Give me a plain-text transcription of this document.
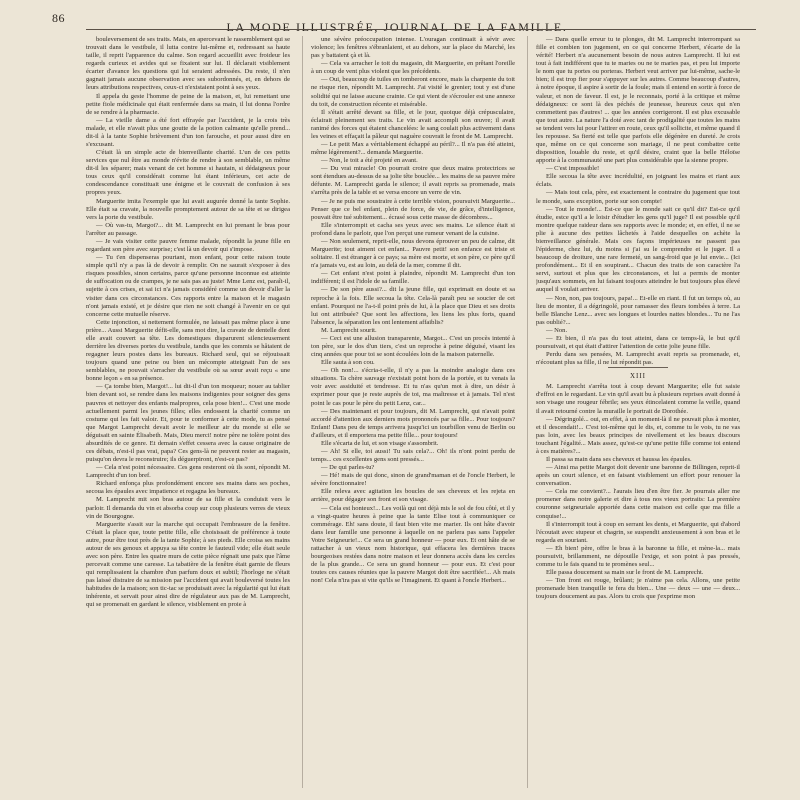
LA MODE ILLUSTRÉE, JOURNAL DE LA FAMILLE.
86

bouleversement de ses traits. Mais, en apercevant le rassemblement qui se trouvait dans le vestibule, il lutta contre lui-même et, redressant sa haute taille, il reprit l'apparence du calme. Son regard accueillit avec froideur les regards curieux et avides qui se fixaient sur lui. Il déclarait visiblement écarter d'avance les questions qui lui seraient adressées. Du reste, il n'en gagnait jamais aucune observation avec ses subordonnés, et, en dehors de leurs attributions respectives, ceux-ci n'existaient point à ses yeux.

Il appela du geste l'homme de peine de la maison, et, lui remettant une petite fiole médicinale qui était renfermée dans sa main, il lui donna l'ordre de se rendre à la pharmacie.

— La vieille dame a été fort effrayée par l'accident, je la crois très malade, et elle n'avait plus une goutte de la potion calmante qu'elle prend... dit-il à la tante Sophie brièvement d'un ton farouche, et pour aussi dire en s'excusant.

C'était là un simple acte de bienveillante charité. L'un de ces petits services que nul être au monde n'évite de rendre à son semblable, un même dit-il les séparer; mais venant de cet homme si hautain, si dédaigneux pour tous ceux qu'il considérait comme lui étant inférieurs, cet acte de condescendance constituait une énigme et le couvrait de confusion à ses propres yeux.

Marguerite imita l'exemple que lui avait augurée donné la tante Sophie. Elle était sa cravate, la nouvelle promptement autour de sa tête et se dirigea vers la porte du vestibule.

— Où vas-tu, Margot?... dit M. Lamprecht en lui prenant le bras pour l'arrêter au passage.

— Je vais visiter cette pauvre femme malade, répondit la jeune fille en regardant son père avec surprise; c'est là un devoir qui s'impose.

— Tu t'en dispenseras pourtant, mon enfant, pour cette raison toute simple qu'il n'y a pas là de devoir à remplir. On ne saurait s'exposer à des risques possibles, sinon certains, parce qu'une personne inconnue est atteinte de suffocation ou de crampes, je ne sais pas au juste! Mme Lenz est, paraît-il, sujette à ces crises, et sai ici n'a jamais considéré comme un devoir d'aller la visiter dans ces circonstances. Ces rapports entre la maison et le magasin n'ont jamais existé, et je désire que rien ne soit changé à l'avenir en ce qui concerne cette mutuelle réserve.

Cette injonction, si nettement formulée, ne laissait pas même place à une prière... Aussi Marguerite défit-elle, sans mot dire, la cravate de dentelle dont elle avait couvert sa tête. Les domestiques disparurent silencieusement derrière les diverses portes du vestibule, tandis que les commis se hâtaient de regagner leurs postes dans les bureaux. Richard seul, qui se réjouissait toujours quand une peine ou bien un mécompte atteignait l'un de ses semblables, ne pouvait s'arracher du vestibule où sa sœur avait reçu « une bonne leçon » en sa présence.

— Ça tombe bien, Margot!... lui dit-il d'un ton moqueur; nouer au tablier bien devant soi, se rendre dans les maisons indigentes pour soigner des gens pauvres et nettoyer des enfants malpropres, cela pose bien!... C'est une mode actuellement parmi les jeunes filles; elles endossent la charité comme un costume qui les fait valoir. Et, pour te conformer à cette mode, tu as pensé que Margot Lamprecht devait avoir le meilleur air du monde si elle se déguisait en sainte Élisabeth. Mais, Dieu merci! notre père ne tolère point des absurdités de ce genre. Et demain s'effet cessera avec la cause originaire de ces débats, n'est-il pas vrai, papa? Ces gens-là ne peuvent rester au magasin, puisqu'on devra le reconstruire; ils déguerpiront, n'est-ce pas?

— Cela n'est point nécessaire. Ces gens resteront où ils sont, répondit M. Lamprecht d'un ton bref.

Richard enfonça plus profondément encore ses mains dans ses poches, secoua les épaules avec impatience et regagna les bureaux.

M. Lamprecht mit son bras autour de sa fille et la conduisit vers le parloir. Il demanda du vin et absorba coup sur coup plusieurs verres de vieux vin de Bourgogne.

Marguerite s'assit sur la marche qui occupait l'embrasure de la fenêtre. C'était la place que, toute petite fille, elle choisissait de préférence à toute autre, pour être tout près de la tante Sophie; à ses pieds. Elle croisa ses mains autour de ses genoux et appuya sa tête contre le fauteuil vide; elle était seule avec son père. Entre les quatre murs de cette pièce régnait une paix que l'âme percevait comme une caresse. La tabatière de la fenêtre était garnie de fleurs qui remplissaient la chambre d'un parfum doux et subtil; l'horloge ne s'était pas laissé distraire de sa mission par l'accident qui avait bouleversé toutes les habitudes de la maison; son tic-tac se produisait avec la régularité qui lui était inhérente, et servait pour ainsi dire de régulateur aux pas de M. Lamprecht, qui se promenait en gardant le silence, visiblement en proie à

une sévère préoccupation intense. L'ouragan continuait à sévir avec violence; les fenêtres s'ébranlaient, et au dehors, sur la place du Marché, les pas y battaient çà et là.

— Cela va arracher le toit du magasin, dit Marguerite, en prêtant l'oreille à un coup de vent plus violent que les précédents.

— Oui, beaucoup de tuiles en tomberont encore, mais la charpente du toit ne risque rien, répondit M. Lamprecht. J'ai visité le grenier; tout y est d'une solidité qui ne laisse aucune crainte. Ce qui vient de s'écrouler est une annexe du toit, de construction récente et misérable.

Il s'était arrêté devant sa fille, et le jour, quoique déjà crépusculaire, éclairait pleinement ses traits. Le vin avait accompli son œuvre; il avait ranimé des forces qui étaient chancelées: le sang coulait plus activement dans les veines et effaçait la pâleur qui naguère couvrait le front de M. Lamprecht.

— Le petit Max a véritablement échappé au péril?... Il n'a pas été atteint, même légèrement?... demanda Marguerite.

— Non, le toit a été projeté en avant.

— Du vrai miracle! On pourrait croire que deux mains protectrices se sont étendues au-dessus de sa jolie tête bouclée... les mains de sa pauvre mère défunte. M. Lamprecht garda le silence; il avait repris sa promenade, mais s'arrêta près de la table et se versa encore un verre de vin.

— Je ne puis me soustraire à cette terrible vision, poursuivit Marguerite... Penser que ce bel enfant, plein de force, de vie, de grâce, d'intelligence, pouvait être tué subitement... écrasé sous cette masse de décombres...

Elle s'interrompit et cacha ses yeux avec ses mains. Le silence était si profond dans le parloir, que l'on perçut une rumeur venant de la cuisine.

— Non seulement, reprit-elle, nous devons éprouver un peu de calme, dit Marguerite; tout aiment cet enfant... Pauvre petit! son enfance est triste et solitaire. Il est étranger à ce pays; sa mère est morte, et son père, ce père qu'il n'a jamais vu, est au loin, au delà de la mer, comme il dit.

— Cet enfant n'est point à plaindre, répondit M. Lamprecht d'un ton indifférent; il est l'idole de sa famille.

— De son père aussi?... dit la jeune fille, qui exprimait en doute et sa reproche à la fois. Elle secoua la tête. Cela-là paraît peu se soucier de cet enfant. Pourquoi ne l'a-t-il point près de lui, à la place que Dieu et ses droits lui ont attribuée? Que sont les affections, les liens les plus forts, quand l'absence, la séparation les ont lentement affaiblis?

M. Lamprecht sourit.

— Ceci est une allusion transparente, Margot... C'est un procès intenté à ton père, sur le dos d'un tiers, c'est un reproche à peine déguisé, visant les cinq années que pour toi se sont écoulées loin de la maison paternelle.

Elle sauta à son cou.

— Oh non!... s'écria-t-elle, il n'y a pas la moindre analogie dans ces situations. Ta chère sauvage n'existait point hors de la portée, et tu venais la voir avec assiduité et tendresse. Et tu n'as qu'un mot à dire, un désir à exprimer pour que je reste auprès de toi, ma maîtresse et à jamais. Tel n'est point le cas pour le père du petit Lenz, car...

— Des maintenant et pour toujours, dit M. Lamprecht, qui n'avait point accordé d'attention aux derniers mots prononcés par sa fille... Pour toujours? Enfant! Dans peu de temps arrivera jusqu'ici un tourbillon venu de Berlin ou d'ailleurs, et il emportera ma petite fille... pour toujours!

Elle s'écarta de lui, et son visage s'assombrit.

— Ah! Si elle, toi aussi! Tu sais cela?... Oh! ils n'ont point perdu de temps... ces excellentes gens sont pressés...

— De qui parles-tu?

— Hé! mais de qui donc, sinon de grand'maman et de l'oncle Herbert, le sévère fonctionnaire!

Elle releva avec agitation les boucles de ses cheveux et les rejeta en arrière, pour dégager son front et son visage.

— Cela est honteux!... Les voilà qui ont déjà mis le sol de fou côté, et il y a vingt-quatre heures à peine que la tante Elise tout à communiquer ce commérage. Eh! sans doute, il faut bien vite me marier. Ils ont hâte d'avoir dans leur famille une personne à laquelle on ne parlera pas sans l'appeler Votre Seigneurie!... Ce sera un grand honneur — pour eux. Et ont hâte de se rattacher à un vieux nom historique, qui effacera les dernières traces bourgeoises restées dans notre maison et leur donnera accès dans les cercles de la plus grande... Ce sera un grand honneur — pour eux. Et c'est pour toutes ces causes réunies que la pauvre Margot doit être sacrifiée!... Ah mais non! Cela n'ira pas si vite qu'ils se l'imaginent. Et quant à l'oncle Herbert...

— Dans quelle erreur tu te plonges, dit M. Lamprecht interrompant sa fille et combien ton jugement, en ce qui concerne Herbert, s'écarte de la vérité! Herbert n'a aucunement besoin de nous autres Lamprecht. Il lui est tout à fait indifférent que tu te maries ou ne te maries pas, et peu lui importe le nom que tu portes ou porteras. Herbert veut arriver par lui-même, sache-le bien; il est trop fier pour s'appuyer sur les autres. Comme beaucoup d'autres, à notre époque, il aspire à sortir de la foule; mais il entend en sortir à force de valeur, et non de faveur. Il est, je le reconnais, porté à la critique et même dédaigneux: ce sont là des péchés de jeunesse, heureux ceux qui n'en commettent pas d'autres! ... que les années corrigeront. Il est plus excusable que tout autre. La nature l'a doté avec tant de prodigalité que toutes les mains se tendent vers lui pour l'attirer en route, ceux qu'il sollicite, et même quand il les repousse. Sa fierté est telle que parfois elle dégénère en dureté. Je crois que, même on ce qui concerne son mariage, il ne peut combattre cette disposition, louable du reste, et qu'il désire, craint que la belle Héloïse apporte à la communauté une part plus considérable que la sienne propre.

— C'est impossible!

Elle secoua la tête avec incrédulité, en joignant les mains et riant aux éclats.

— Mais tout cela, père, est exactement le contraire du jugement que tout le monde, sans exception, porte sur son compte!

— Tout le monde!... Est-ce que le monde sait ce qu'il dit? Est-ce qu'il étudie, estce qu'il a le loisir d'étudier les gens qu'il juge? Il est possible qu'il montre quelque raideur dans ses rapports avec le monde; et, en effet, il ne se plie à aucune des petites lâchetés à l'aide desquelles on achète la bienveillance générale. Mais ces façons impérieuses ne passent pas l'épiderme, chez lui, du moins si j'ai su le comprendre et le juger. Il a beaucoup de droiture, une rare fermeté, un sang-froid que je lui envie... (Ici profondément... Et il en soupirant... Chacun des traits de son caractère l'a servi, surtout et plus que les circonstances, et lui a permis de monter jusqu'aux sommets, en lui faisant toujours atteindre le but toujours plus élevé auquel il voulait arriver.

— Non, non, pas toujours, papa!... Et-elle en riant. Il fut un temps où, au lieu de monter, il a dégringolé, pour ramasser des fleurs tombées à terre. La belle Blanche Lenz... avec ses longues et lourdes nattes blondes... Tu ne l'as pas oublié?...

— Non.

— Et bien, il n'a pas du tout atteint, dans ce temps-là, le but qu'il poursuivait, et qui était d'attirer l'attention de cette jolie jeune fille.

Perdu dans ses pensées, M. Lamprecht avait repris sa promenade, et, n'écoutant plus sa fille, il ne lui répondit pas.

XIII

M. Lamprecht s'arrêta tout à coup devant Marguerite; elle fut saisie d'effroi en le regardant. Le vin qu'il avait bu à plusieurs reprises avait donné à son visage une rougeur fébrile; ses yeux étincelaient comme la veille, quand il avait retourné contre la muraille le portrait de Dorothée.

— Dégringolé... oui, en effet, à un moment-là il ne pouvait plus à monter, et il descendait!... C'est toi-même qui le dis, et, comme tu le vois, tu ne vas pas loin, avec les beaux principes de nivellement et les beaux discours touchant l'égalité... Mais assez, qu'est-ce qu'une petite fille comme toi entend à ces matières?...

Il passa sa main dans ses cheveux et haussa les épaules.

— Ainsi ma petite Margot doit devenir une baronne de Billingen, reprit-il après un court silence, et en faisant visiblement un effort pour renouer la conversation.

— Cela me convient?... l'aurais lieu d'en être fier. Je pourrais aller me promener dans notre galerie et dire à tous nos vieux portraits: La première couronne seigneuriale apportée dans cette maison est celle que ma fille a conquise!...

Il s'interrompit tout à coup en serrant les dents, et Marguerite, qui d'abord l'écoutait avec stupeur et chagrin, se suspendit anxieusement à son bras et le regarda en souriant.

— Eh bien! père, offre le bras à la baronne ta fille, et mène-la... mais poursuivit, brillamment, ne dépouille l'exige, et son point à pas pressés, comme tu le fais quand tu te promènes seul...

Elle passa doucement sa main sur le front de M. Lamprecht.

— Ton front est rouge, brûlant; je n'aime pas cela. Allons, une petite promenade bien tranquille te fera du bien... Une — deux — une — deux... toujours doucement au pas. Alors tu crois que j'exprime mon
